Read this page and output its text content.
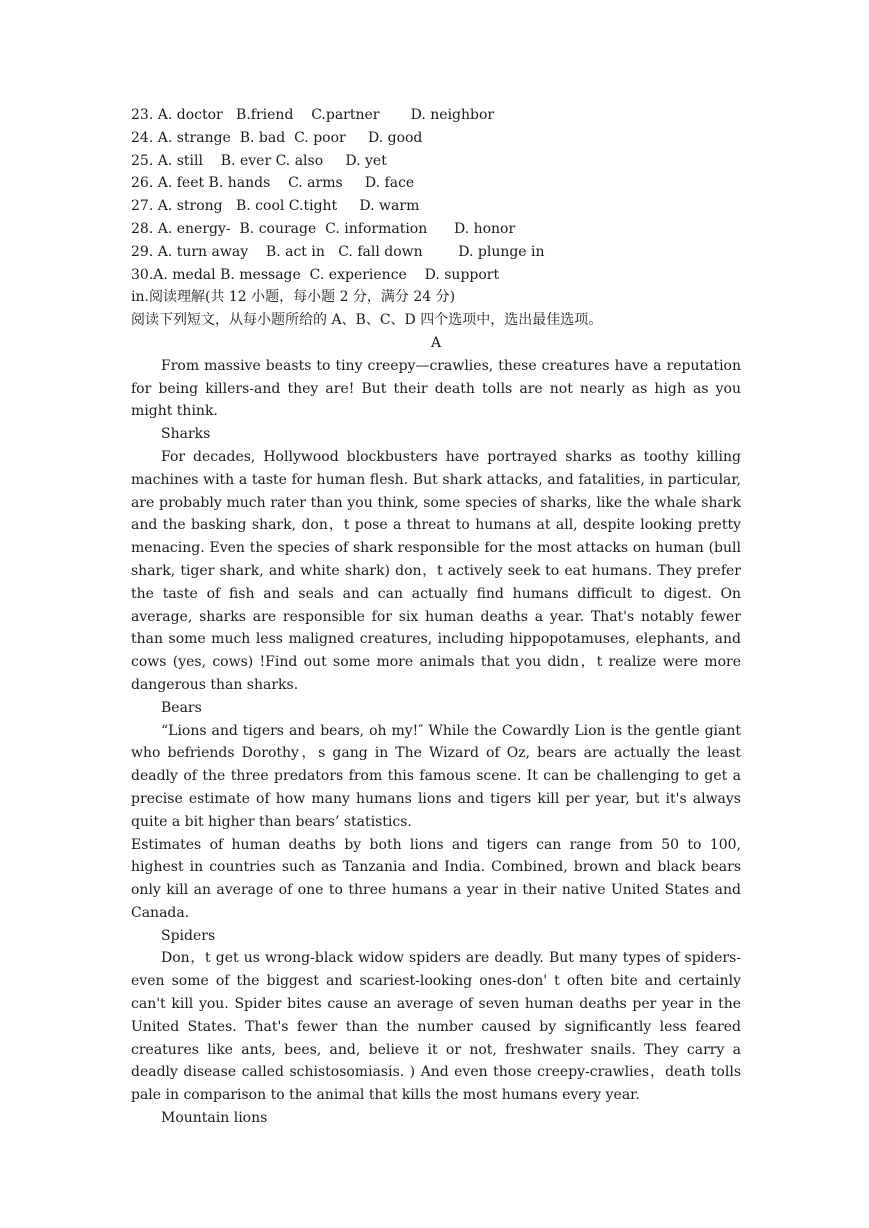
23. A. doctor   B.friend    C.partner       D. neighbor
24. A. strange  B. bad  C. poor     D. good
25. A. still    B. ever C. also     D. yet
26. A. feet B. hands    C. arms     D. face
27. A. strong   B. cool C.tight     D. warm
28. A. energy-  B. courage  C. information      D. honor
29. A. turn away    B. act in   C. fall down        D. plunge in
30.A. medal B. message  C. experience    D. support
in.阅读理解(共 12 小题，每小题 2 分，满分 24 分)
阅读下列短文，从每小题所给的 A、B、C、D 四个选项中，选出最佳选项。
A

From massive beasts to tiny creepy—crawlies, these creatures have a reputation for being killers-and they are! But their death tolls are not nearly as high as you might think.

Sharks

For decades, Hollywood blockbusters have portrayed sharks as toothy killing machines with a taste for human flesh. But shark attacks, and fatalities, in particular, are probably much rater than you think, some species of sharks, like the whale shark and the basking shark, don，t pose a threat to humans at all, despite looking pretty menacing. Even the species of shark responsible for the most attacks on human (bull shark, tiger shark, and white shark) don，t actively seek to eat humans. They prefer the taste of fish and seals and can actually find humans difficult to digest. On average, sharks are responsible for six human deaths a year. That's notably fewer than some much less maligned creatures, including hippopotamuses, elephants, and cows (yes, cows) !Find out some more animals that you didn，t realize were more dangerous than sharks.

Bears

“Lions and tigers and bears, oh my!″ While the Cowardly Lion is the gentle giant who befriends Dorothy，s gang in The Wizard of Oz, bears are actually the least deadly of the three predators from this famous scene. It can be challenging to get a precise estimate of how many humans lions and tigers kill per year, but it's always quite a bit higher than bears’ statistics.

Estimates of human deaths by both lions and tigers can range from 50 to 100, highest in countries such as Tanzania and India. Combined, brown and black bears only kill an average of one to three humans a year in their native United States and Canada.

Spiders

Don，t get us wrong-black widow spiders are deadly. But many types of spiders-even some of the biggest and scariest-looking ones-don' t often bite and certainly can't kill you. Spider bites cause an average of seven human deaths per year in the United States. That's fewer than the number caused by significantly less feared creatures like ants, bees, and, believe it or not, freshwater snails. They carry a deadly disease called schistosomiasis. ) And even those creepy-crawlies，death tolls pale in comparison to the animal that kills the most humans every year.

Mountain lions
